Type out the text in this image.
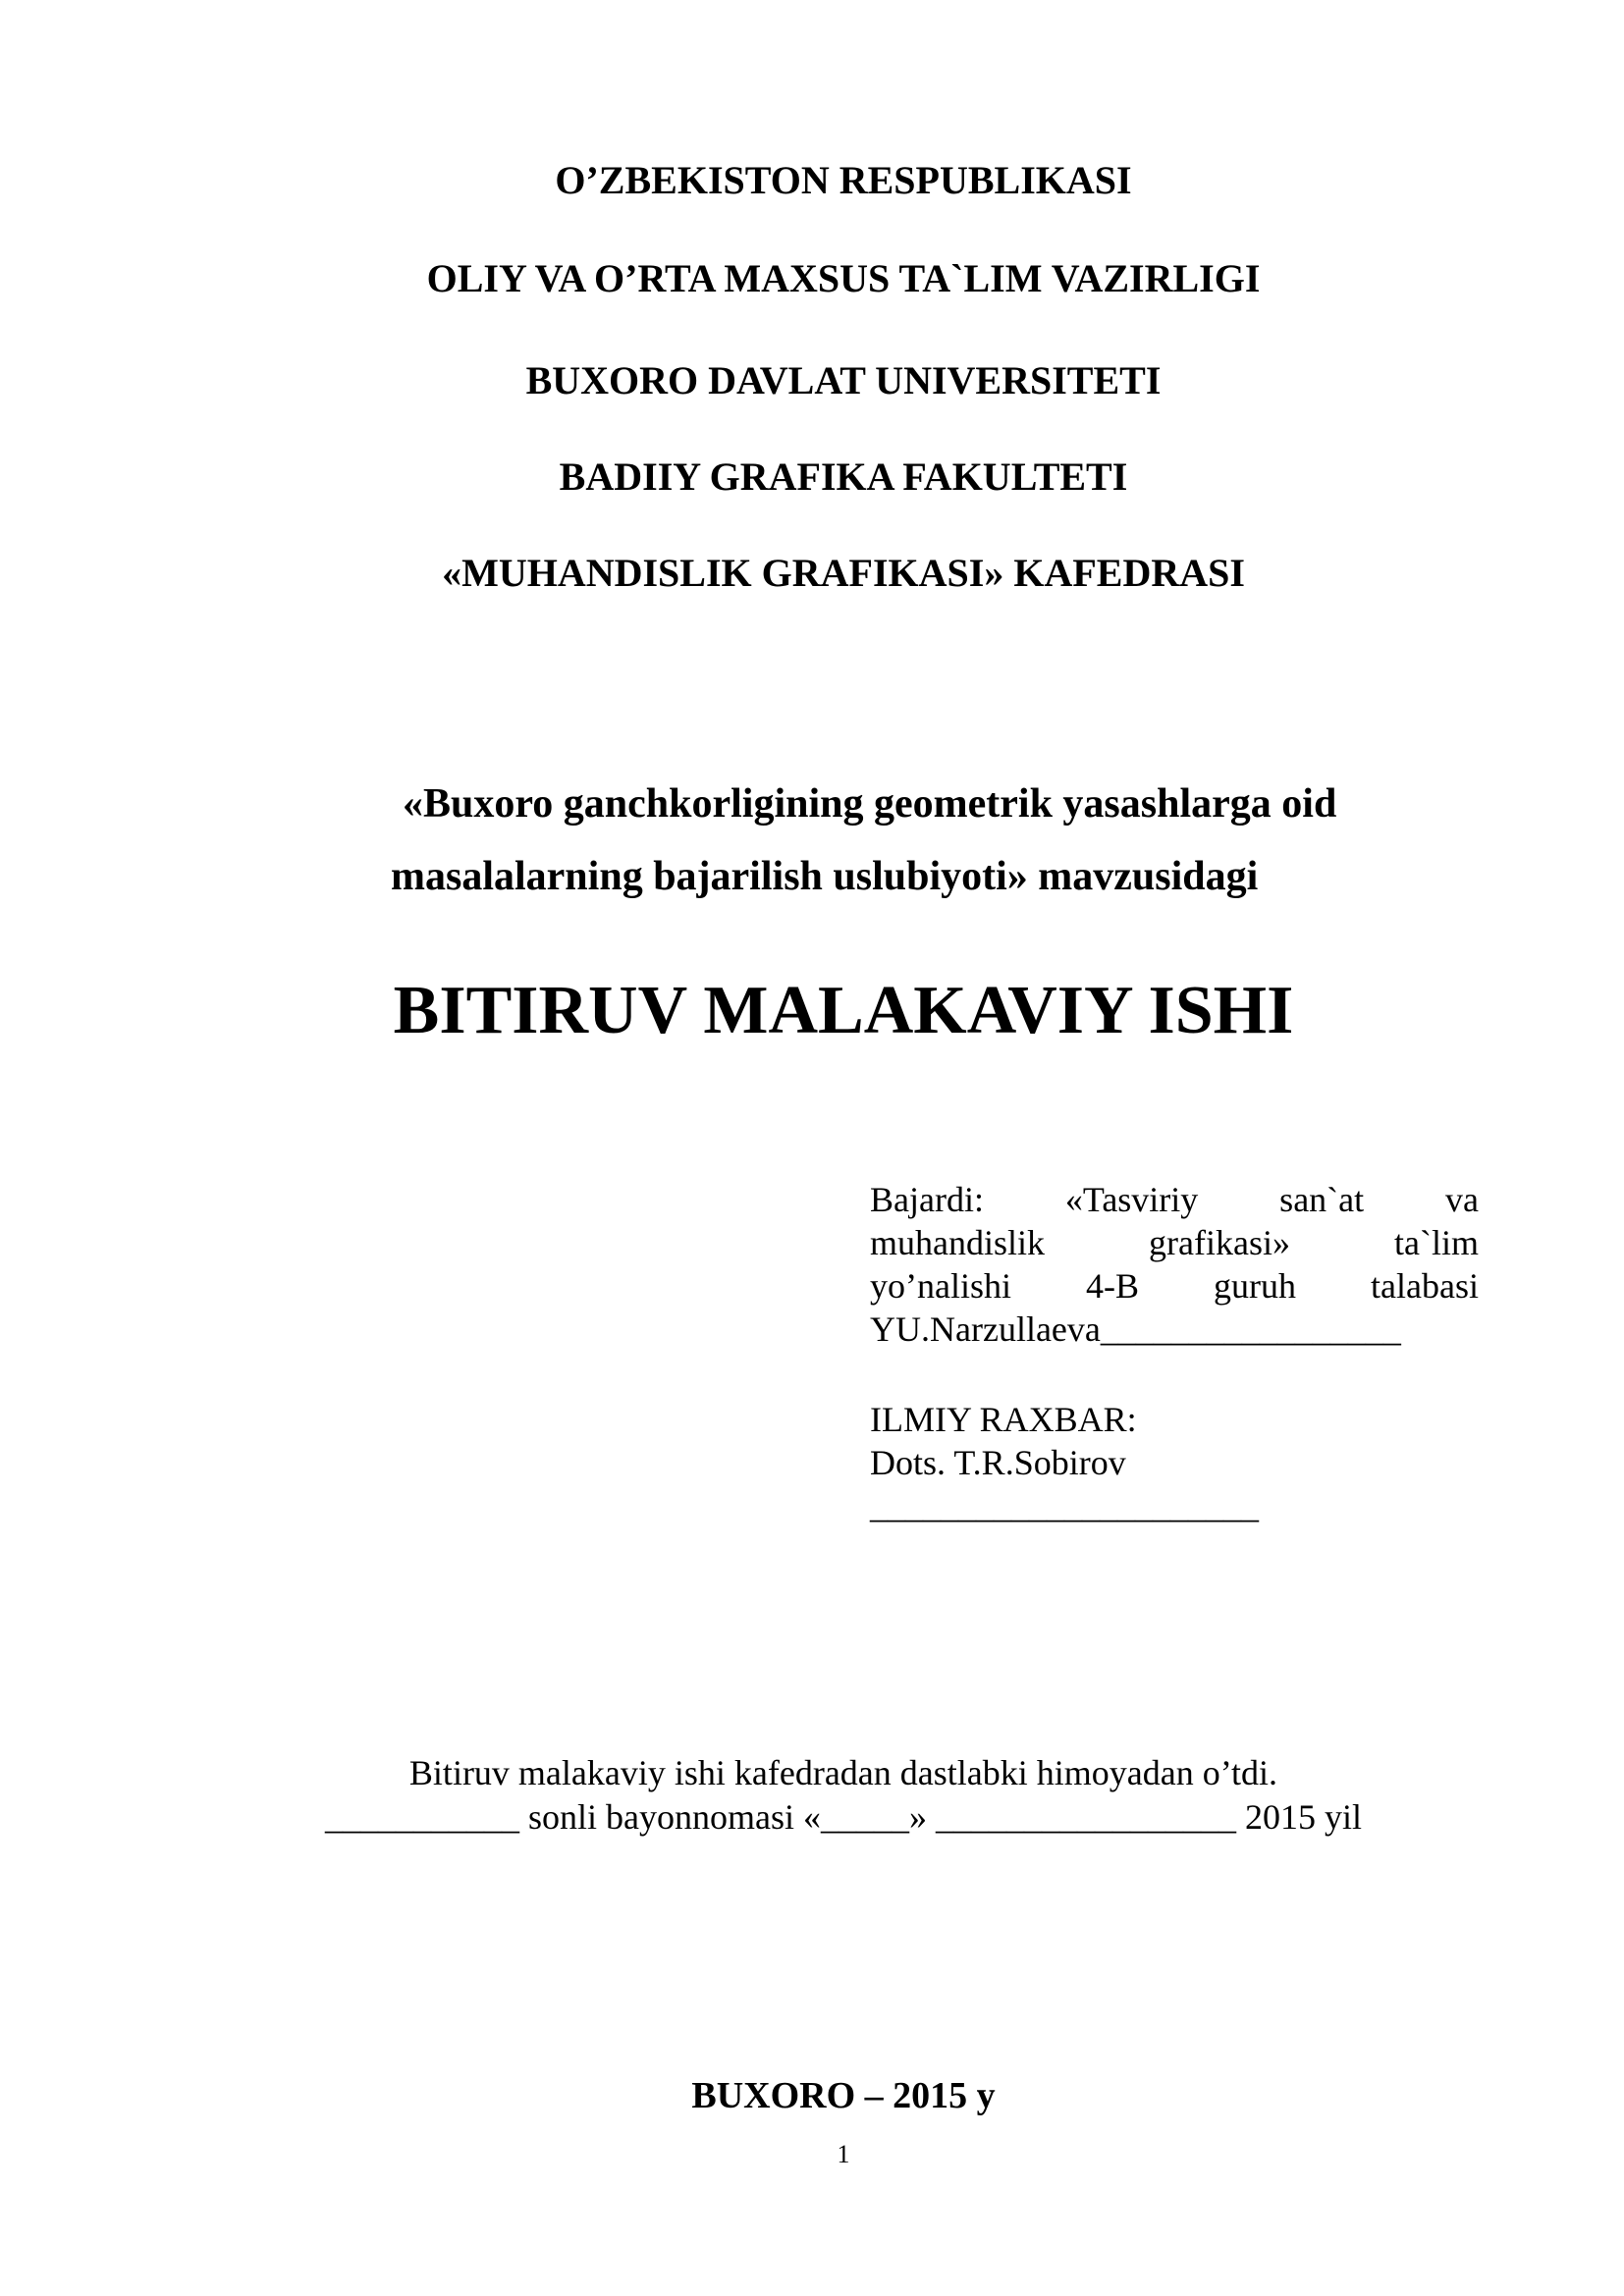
O’ZBEKISTON RESPUBLIKASI
OLIY VA O’RTA MAXSUS TA`LIM VAZIRLIGI
BUXORO DAVLAT UNIVERSITETI
BADIIY GRAFIKA FAKULTETI
«MUHANDISLIK GRAFIKASI» KAFEDRASI
«Buxoro ganchkorligining geometrik yasashlarga oid
masalalarning bajarilish uslubiyoti» mavzusidagi
BITIRUV MALAKAVIY ISHI
Bajardi: «Tasviriy san`at va
muhandislik grafikasi» ta`lim
yo’nalishi 4-B guruh talabasi
YU.Narzullaeva_________________
ILMIY RAXBAR:
Dots. T.R.Sobirov
______________________
Bitiruv malakaviy ishi kafedradan dastlabki himoyadan o’tdi.
___________ sonli bayonnomasi «_____» _________________ 2015 yil
BUXORO – 2015 y
1
